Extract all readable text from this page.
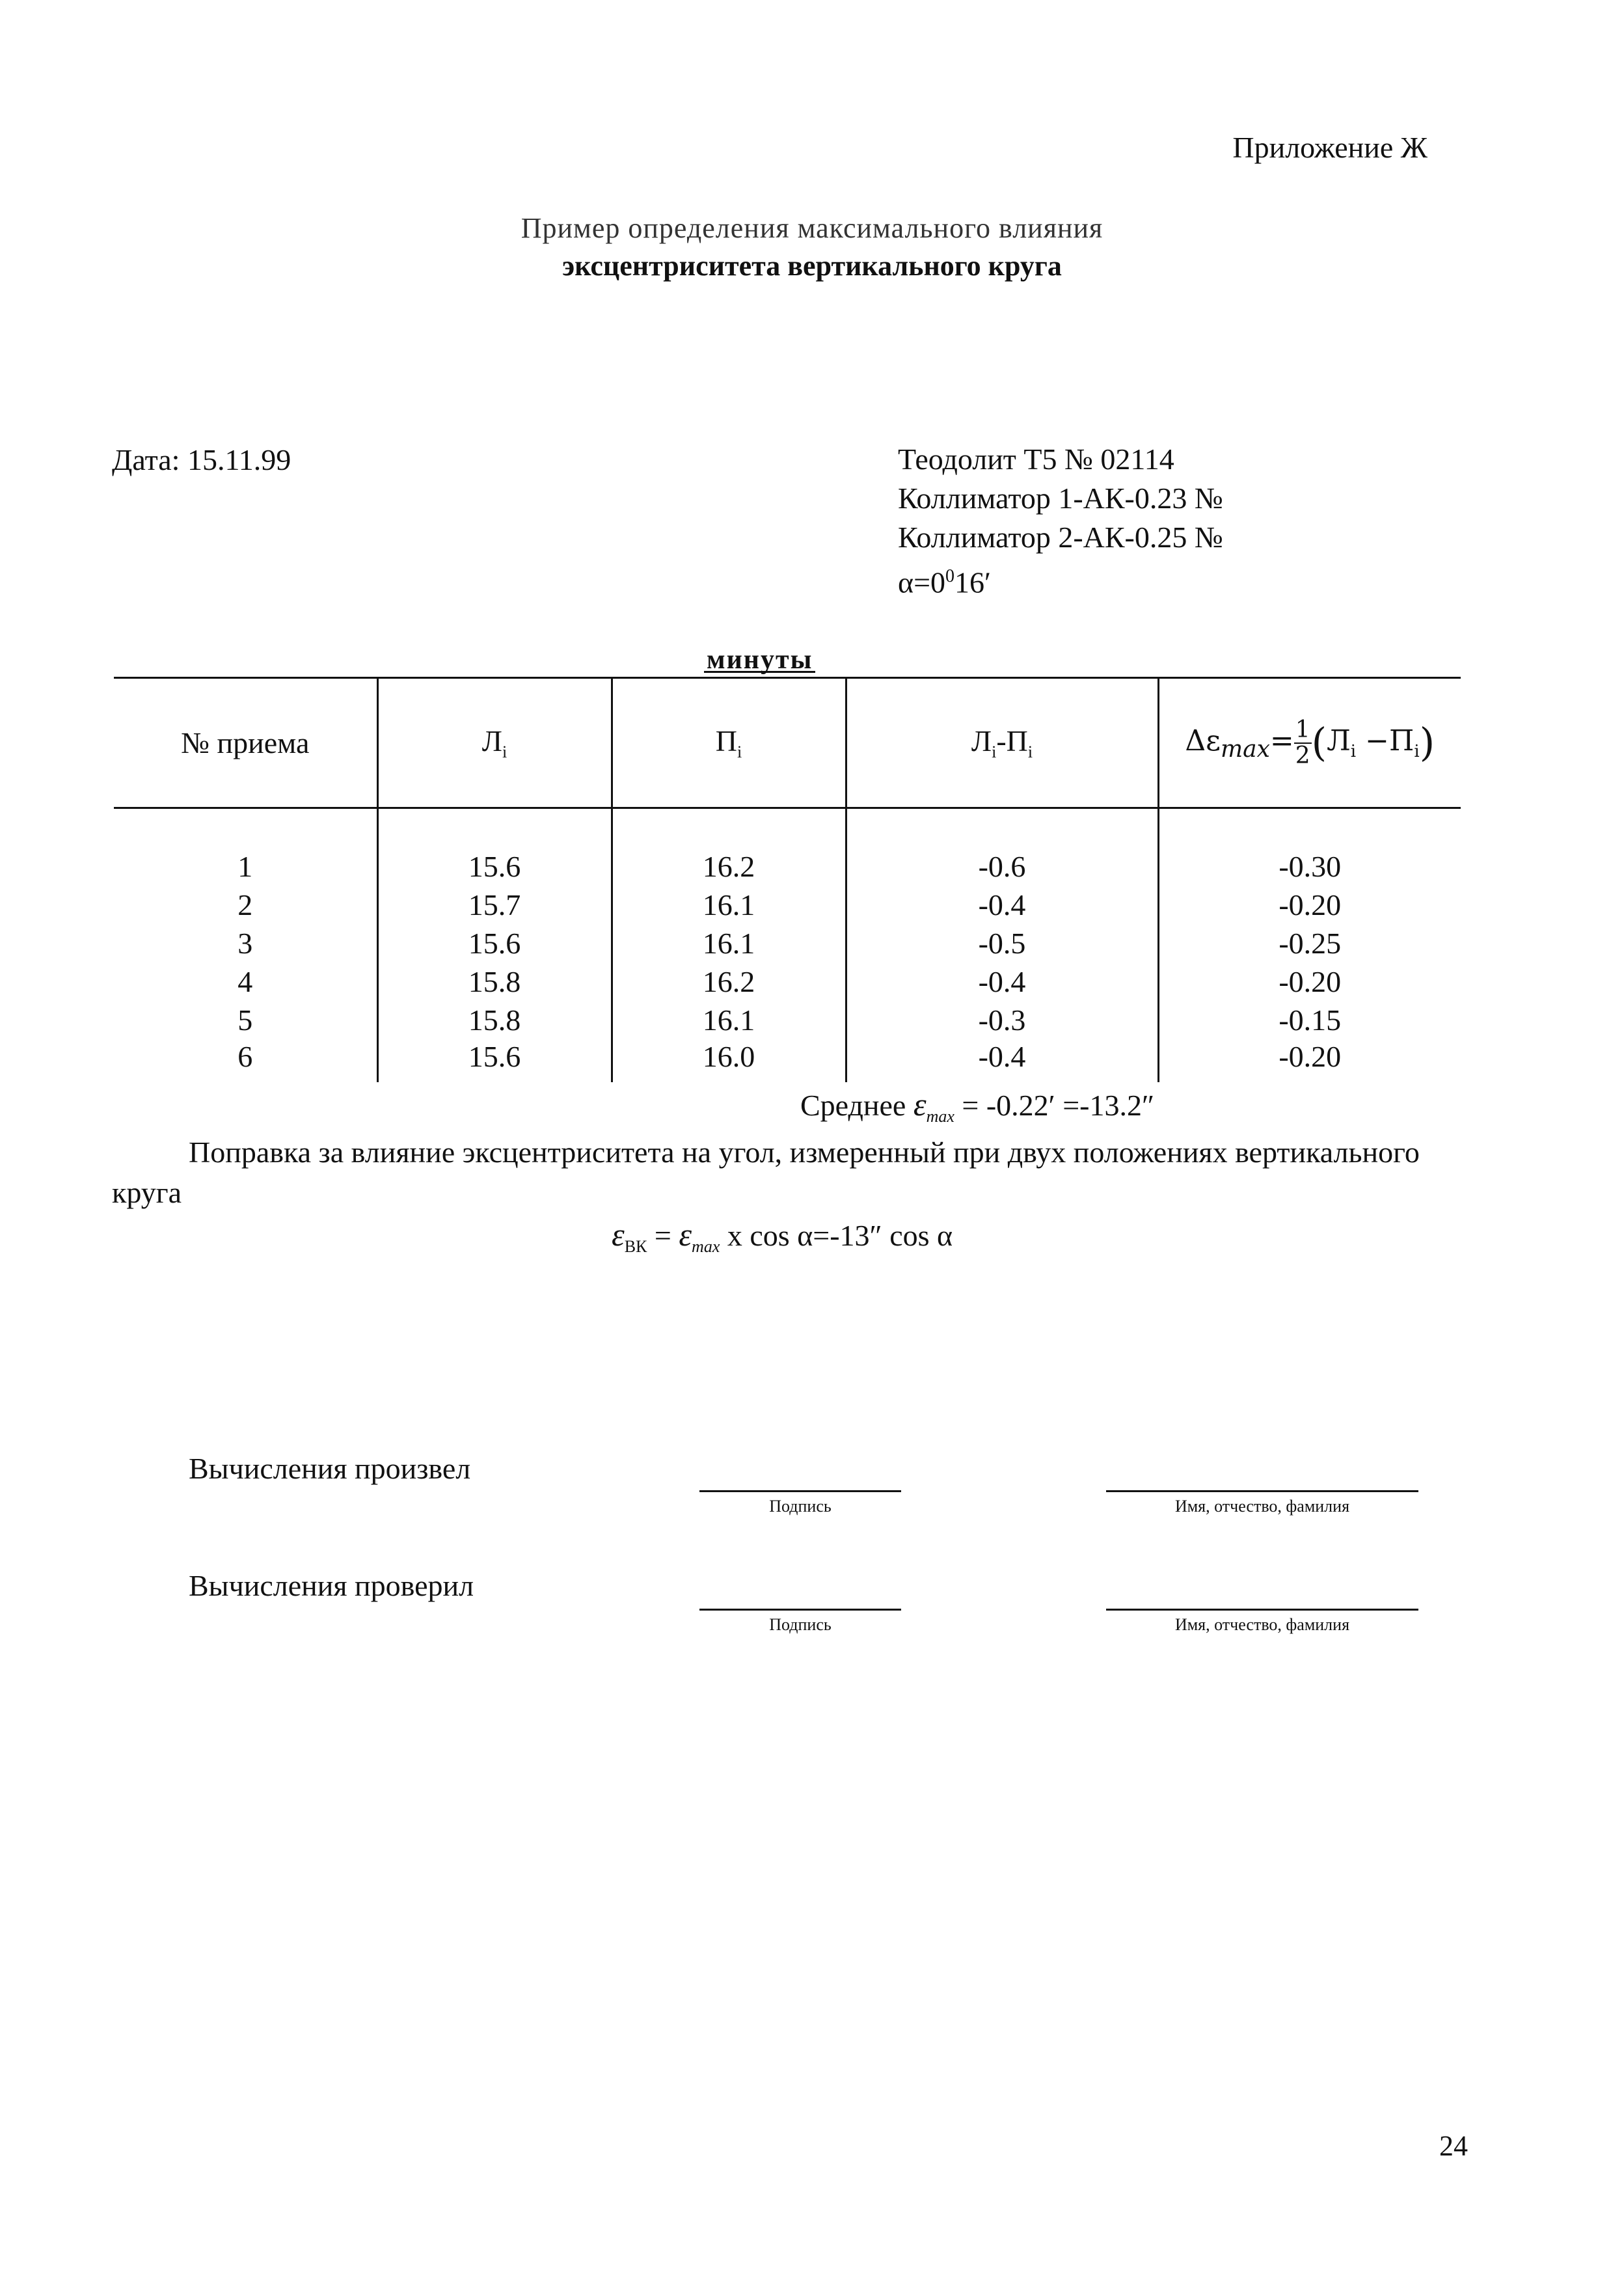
Приложение Ж
Пример определения максимального влияния
эксцентриситета вертикального круга
Дата: 15.11.99	Теодолит Т5 № 02114
Коллиматор 1-АК-0.23 №
Коллиматор 2-АК-0.25 №
$\alpha=0^016'$
минуты
№ приема	$Л_i$	$П_i$	$Л_i-П_i$	$\Delta\varepsilon_{max}= \frac{1}{2} (Л_i -П_i)$

1	15.6	16.2	-0.6	-0.30
2	15.7	16.1	-0.4	-0.20
3	15.6	16.1	-0.5	-0.25
4	15.8	16.2	-0.4	-0.20
5	15.8	16.1	-0.3	-0.15
6	15.6	16.0	-0.4	-0.20
Среднее $\varepsilon_{max} = -0.22' =-13.2''$
Поправка за влияние эксцентриситета на угол, измеренный при двух положениях вертикального круга
$\varepsilon_{ВК} = \varepsilon_{max}$ x cos α=-13″ cos α
Вычисления произвел
Подпись	Имя, отчество, фамилия
Вычисления проверил
Подпись	Имя, отчество, фамилия
24
